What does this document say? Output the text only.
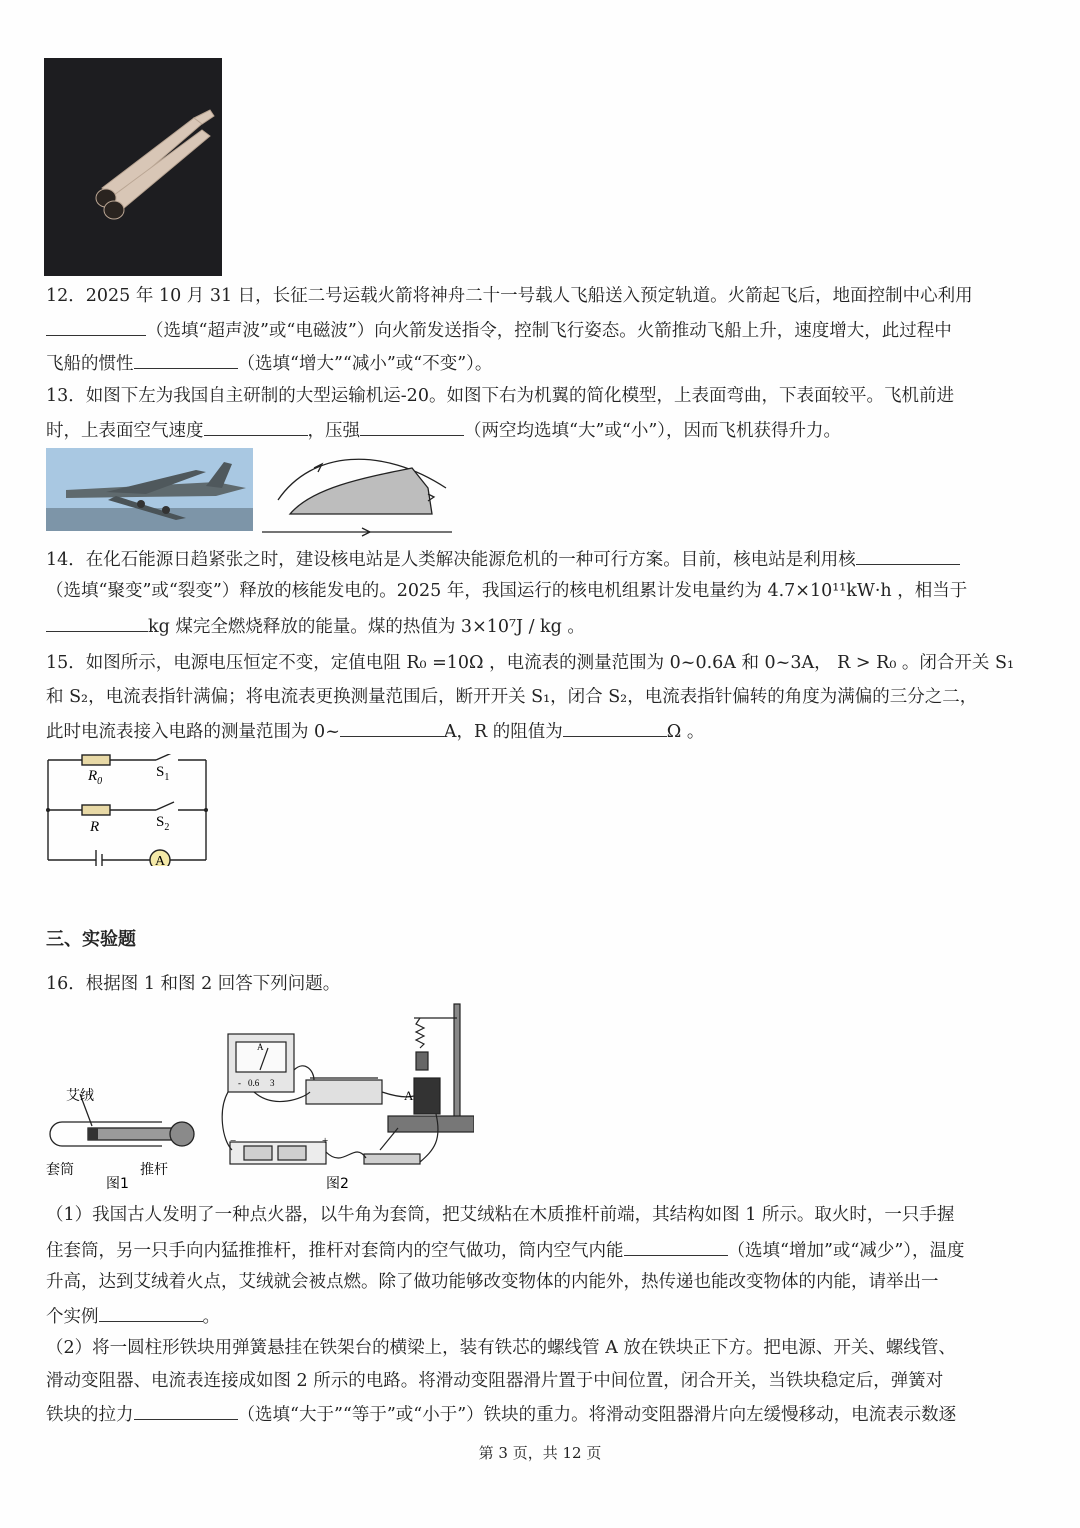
12．2025 年 10 月 31 日，长征二号运载火箭将神舟二十一号载人飞船送入预定轨道。火箭起飞后，地面控制中心利用
（选填“超声波”或“电磁波”）向火箭发送指令，控制飞行姿态。火箭推动飞船上升，速度增大，此过程中
飞船的惯性	（选填“增大”“减小”或“不变”）。
13．如图下左为我国自主研制的大型运输机运-20。如图下右为机翼的简化模型，上表面弯曲，下表面较平。飞机前进
时，上表面空气速度	，压强	（两空均选填“大”或“小”），因而飞机获得升力。
14．在化石能源日趋紧张之时，建设核电站是人类解决能源危机的一种可行方案。目前，核电站是利用核
（选填“聚变”或“裂变”）释放的核能发电的。2025 年，我国运行的核电机组累计发电量约为 4.7×10¹¹kW·h ，相当于
kg 煤完全燃烧释放的能量。煤的热值为 3×10⁷J / kg 。
15．如图所示，电源电压恒定不变，定值电阻 R₀ =10Ω ，电流表的测量范围为 0~0.6A 和 0~3A， R > R₀ 。闭合开关 S₁
和 S₂，电流表指针满偏；将电流表更换测量范围后，断开开关 S₁，闭合 S₂，电流表指针偏转的角度为满偏的三分之二，
此时电流表接入电路的测量范围为 0~	A，R 的阻值为	Ω 。
$R_0$
$S_1$
R	$S_2$
A
三、实验题
16．根据图 1 和图 2 回答下列问题。
艾绒
套筒	推杆
图1
A
- 0.6 3
A
−	+
图2
（1）我国古人发明了一种点火器，以牛角为套筒，把艾绒粘在木质推杆前端，其结构如图 1 所示。取火时，一只手握
住套筒，另一只手向内猛推推杆，推杆对套筒内的空气做功，筒内空气内能	（选填“增加”或“减少”），温度
升高，达到艾绒着火点，艾绒就会被点燃。除了做功能够改变物体的内能外，热传递也能改变物体的内能，请举出一
个实例	。
（2）将一圆柱形铁块用弹簧悬挂在铁架台的横梁上，装有铁芯的螺线管 A 放在铁块正下方。把电源、开关、螺线管、
滑动变阻器、电流表连接成如图 2 所示的电路。将滑动变阻器滑片置于中间位置，闭合开关，当铁块稳定后，弹簧对
铁块的拉力	（选填“大于”“等于”或“小于”）铁块的重力。将滑动变阻器滑片向左缓慢移动，电流表示数逐
第 3 页，共 12 页
